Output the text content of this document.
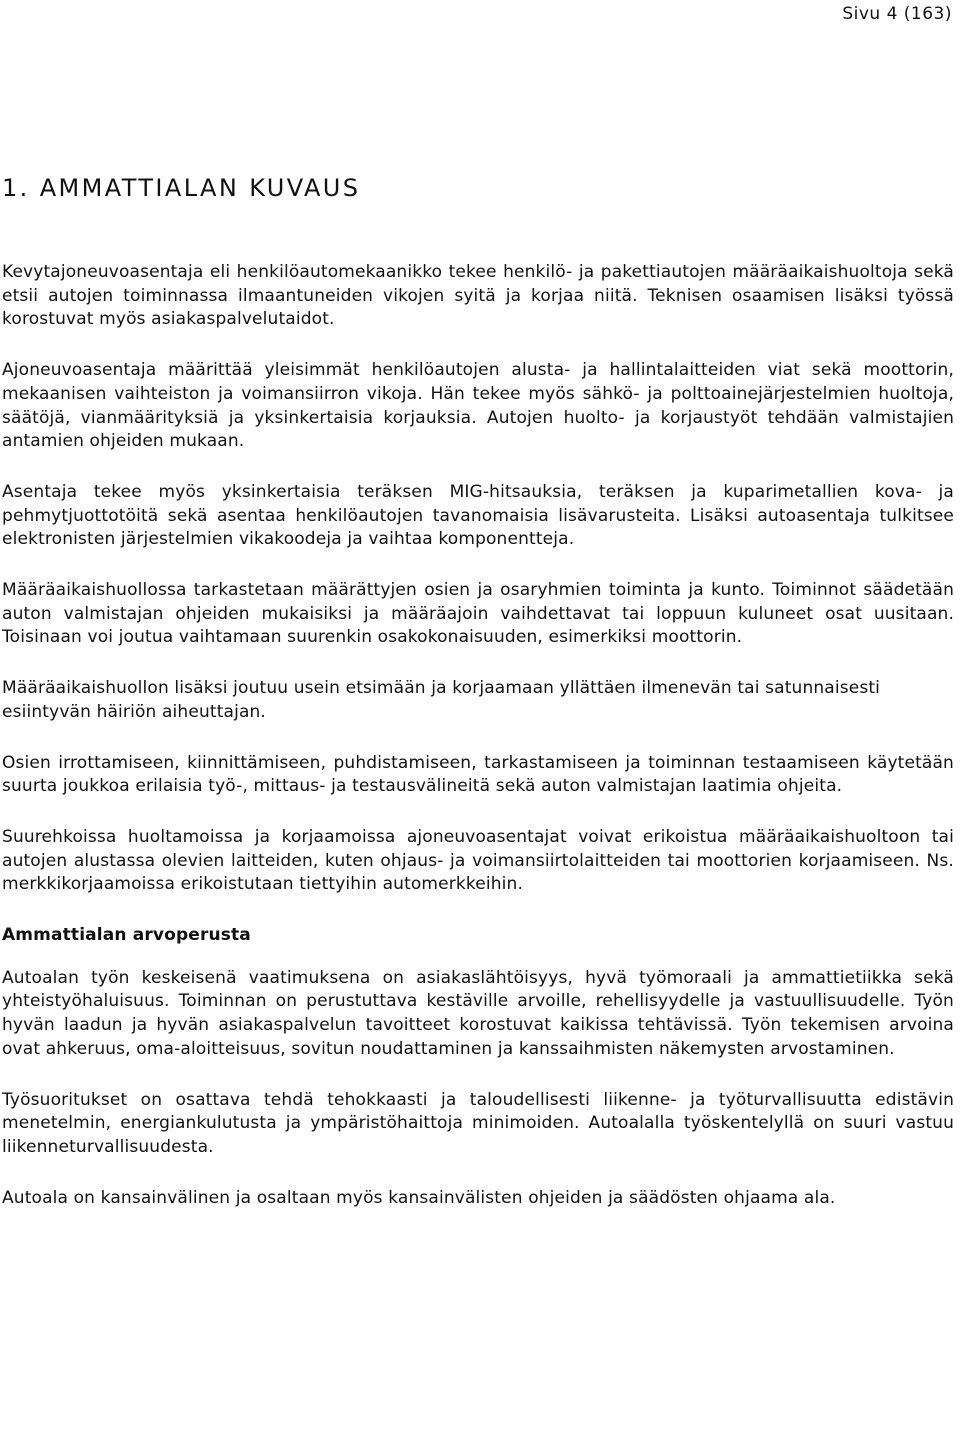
Sivu 4 (163)
1. AMMATTIALAN KUVAUS

Kevytajoneuvoasentaja eli henkilöautomekaanikko tekee henkilö- ja pakettiautojen määräaikaishuoltoja sekä etsii autojen toiminnassa ilmaantuneiden vikojen syitä ja korjaa niitä. Teknisen osaamisen lisäksi työssä korostuvat myös asiakaspalvelutaidot.

Ajoneuvoasentaja määrittää yleisimmät henkilöautojen alusta- ja hallintalaitteiden viat sekä moottorin, mekaanisen vaihteiston ja voimansiirron vikoja. Hän tekee myös sähkö- ja polttoainejärjestelmien huoltoja, säätöjä, vianmäärityksiä ja yksinkertaisia korjauksia. Autojen huolto- ja korjaustyöt tehdään valmistajien antamien ohjeiden mukaan.

Asentaja tekee myös yksinkertaisia teräksen MIG-hitsauksia, teräksen ja kuparimetallien kova- ja pehmytjuottotöitä sekä asentaa henkilöautojen tavanomaisia lisävarusteita. Lisäksi autoasentaja tulkitsee elektronisten järjestelmien vikakoodeja ja vaihtaa komponentteja.

Määräaikaishuollossa tarkastetaan määrättyjen osien ja osaryhmien toiminta ja kunto. Toiminnot säädetään auton valmistajan ohjeiden mukaisiksi ja määräajoin vaihdettavat tai loppuun kuluneet osat uusitaan. Toisinaan voi joutua vaihtamaan suurenkin osakokonaisuuden, esimerkiksi moottorin.

Määräaikaishuollon lisäksi joutuu usein etsimään ja korjaamaan yllättäen ilmenevän tai satunnaisesti esiintyvän häiriön aiheuttajan.

Osien irrottamiseen, kiinnittämiseen, puhdistamiseen, tarkastamiseen ja toiminnan testaamiseen käytetään suurta joukkoa erilaisia työ-, mittaus- ja testausvälineitä sekä auton valmistajan laatimia ohjeita.

Suurehkoissa huoltamoissa ja korjaamoissa ajoneuvoasentajat voivat erikoistua määräaikaishuoltoon tai autojen alustassa olevien laitteiden, kuten ohjaus- ja voimansiirtolaitteiden tai moottorien korjaamiseen. Ns. merkkikorjaamoissa erikoistutaan tiettyihin automerkkeihin.

Ammattialan arvoperusta

Autoalan työn keskeisenä vaatimuksena on asiakaslähtöisyys, hyvä työmoraali ja ammattietiikka sekä yhteistyöhaluisuus. Toiminnan on perustuttava kestäville arvoille, rehellisyydelle ja vastuullisuudelle. Työn hyvän laadun ja hyvän asiakaspalvelun tavoitteet korostuvat kaikissa tehtävissä. Työn tekemisen arvoina ovat ahkeruus, oma-aloitteisuus, sovitun noudattaminen ja kanssaihmisten näkemysten arvostaminen.

Työsuoritukset on osattava tehdä tehokkaasti ja taloudellisesti liikenne- ja työturvallisuutta edistävin menetelmin, energiankulutusta ja ympäristöhaittoja minimoiden. Autoalalla työskentelyllä on suuri vastuu liikenneturvallisuudesta.

Autoala on kansainvälinen ja osaltaan myös kansainvälisten ohjeiden ja säädösten ohjaama ala.
